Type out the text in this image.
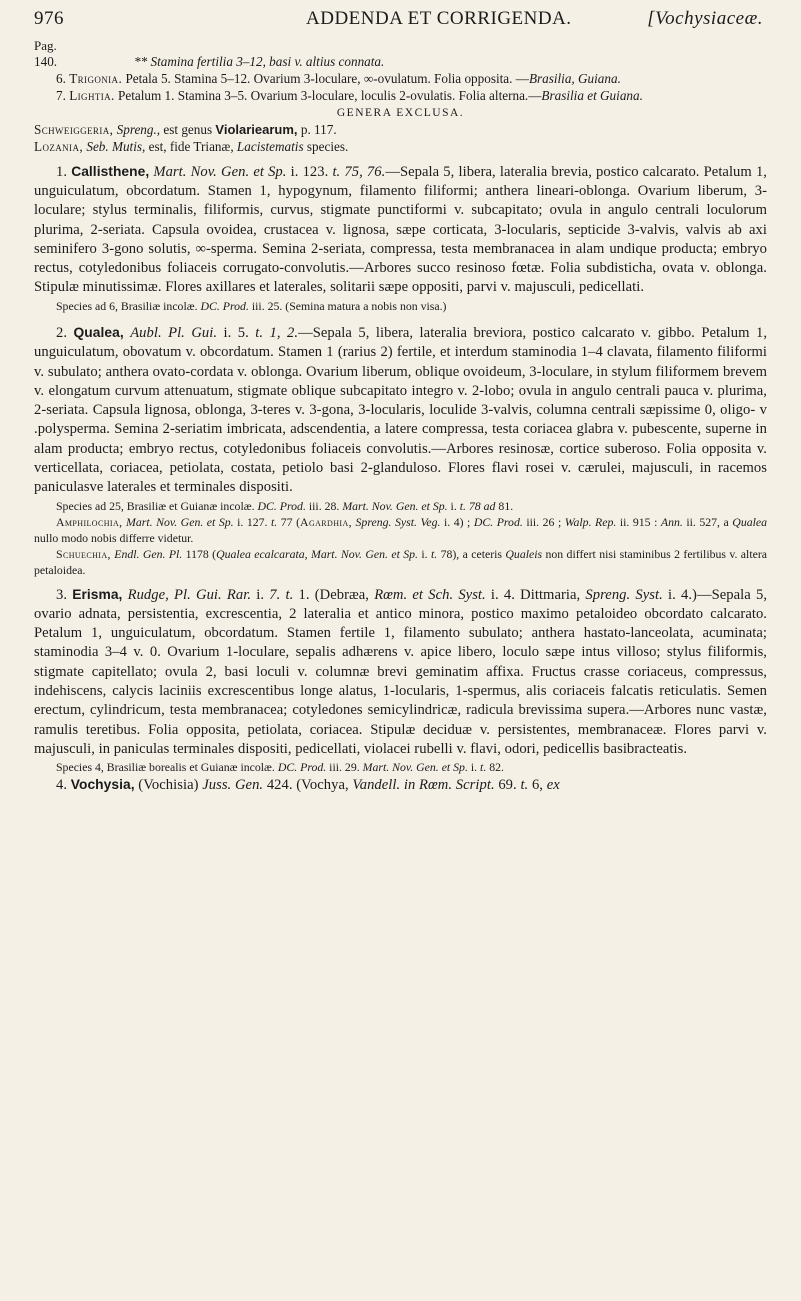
976	ADDENDA ET CORRIGENDA.	[Vochysiaceæ.
Pag.
140.	** Stamina fertilia 3–12, basi v. altius connata.

6. Trigonia. Petala 5. Stamina 5–12. Ovarium 3-loculare, ∞-ovulatum. Folia opposita. —Brasilia, Guiana.

7. Lightia. Petalum 1. Stamina 3–5. Ovarium 3-loculare, loculis 2-ovulatis. Folia alterna.—Brasilia et Guiana.

GENERA EXCLUSA.

Schweiggeria, Spreng., est genus Violariearum, p. 117.

Lozania, Seb. Mutis, est, fide Trianæ, Lacistematis species.

1. Callisthene, Mart. Nov. Gen. et Sp. i. 123. t. 75, 76.—Sepala 5, libera, lateralia brevia, postico calcarato. Petalum 1, unguiculatum, obcordatum. Stamen 1, hypogynum, filamento filiformi; anthera lineari-oblonga. Ovarium liberum, 3-loculare; stylus terminalis, filiformis, curvus, stigmate punctiformi v. subcapitato; ovula in angulo centrali loculorum plurima, 2-seriata. Capsula ovoidea, crustacea v. lignosa, sæpe corticata, 3-locularis, septicide 3-valvis, valvis ab axi seminifero 3-gono solutis, ∞-sperma. Semina 2-seriata, compressa, testa membranacea in alam undique producta; embryo rectus, cotyledonibus foliaceis corrugato-convolutis.—Arbores succo resinoso fœtæ. Folia subdisticha, ovata v. oblonga. Stipulæ minutissimæ. Flores axillares et laterales, solitarii sæpe oppositi, parvi v. majusculi, pedicellati.
Species ad 6, Brasiliæ incolæ. DC. Prod. iii. 25. (Semina matura a nobis non visa.)
2. Qualea, Aubl. Pl. Gui. i. 5. t. 1, 2.—Sepala 5, libera, lateralia breviora, postico calcarato v. gibbo. Petalum 1, unguiculatum, obovatum v. obcordatum. Stamen 1 (rarius 2) fertile, et interdum staminodia 1–4 clavata, filamento filiformi v. subulato; anthera ovato-cordata v. oblonga. Ovarium liberum, oblique ovoideum, 3-loculare, in stylum filiformem brevem v. elongatum curvum attenuatum, stigmate oblique subcapitato integro v. 2-lobo; ovula in angulo centrali pauca v. plurima, 2-seriata. Capsula lignosa, oblonga, 3-teres v. 3-gona, 3-locularis, loculide 3-valvis, columna centrali sæpissime 0, oligo- v .polysperma. Semina 2-seriatim imbricata, adscendentia, a latere compressa, testa coriacea glabra v. pubescente, superne in alam producta; embryo rectus, cotyledonibus foliaceis convolutis.—Arbores resinosæ, cortice suberoso. Folia opposita v. verticellata, coriacea, petiolata, costata, petiolo basi 2-glanduloso. Flores flavi rosei v. cærulei, majusculi, in racemos paniculasve laterales et terminales dispositi.
Species ad 25, Brasiliæ et Guianæ incolæ. DC. Prod. iii. 28. Mart. Nov. Gen. et Sp. i. t. 78 ad 81.
Amphilochia, Mart. Nov. Gen. et Sp. i. 127. t. 77 (Agardhia, Spreng. Syst. Veg. i. 4) ; DC. Prod. iii. 26 ; Walp. Rep. ii. 915 : Ann. ii. 527, a Qualea nullo modo nobis differre videtur.
Schuechia, Endl. Gen. Pl. 1178 (Qualea ecalcarata, Mart. Nov. Gen. et Sp. i. t. 78), a ceteris Qualeis non differt nisi staminibus 2 fertilibus v. altera petaloidea.
3. Erisma, Rudge, Pl. Gui. Rar. i. 7. t. 1. (Debræa, Rœm. et Sch. Syst. i. 4. Dittmaria, Spreng. Syst. i. 4.)—Sepala 5, ovario adnata, persistentia, excrescentia, 2 lateralia et antico minora, postico maximo petaloideo obcordato calcarato. Petalum 1, unguiculatum, obcordatum. Stamen fertile 1, filamento subulato; anthera hastato-lanceolata, acuminata; staminodia 3–4 v. 0. Ovarium 1-loculare, sepalis adhærens v. apice libero, loculo sæpe intus villoso; stylus filiformis, stigmate capitellato; ovula 2, basi loculi v. columnæ brevi geminatim affixa. Fructus crasse coriaceus, compressus, indehiscens, calycis laciniis excrescentibus longe alatus, 1-locularis, 1-spermus, alis coriaceis falcatis reticulatis. Semen erectum, cylindricum, testa membranacea; cotyledones semicylindricæ, radicula brevissima supera.—Arbores nunc vastæ, ramulis teretibus. Folia opposita, petiolata, coriacea. Stipulæ deciduæ v. persistentes, membranaceæ. Flores parvi v. majusculi, in paniculas terminales dispositi, pedicellati, violacei rubelli v. flavi, odori, pedicellis basibracteatis.
Species 4, Brasiliæ borealis et Guianæ incolæ. DC. Prod. iii. 29. Mart. Nov. Gen. et Sp. i. t. 82.
4. Vochysia, (Vochisia) Juss. Gen. 424. (Vochya, Vandell. in Rœm. Script. 69. t. 6, ex
